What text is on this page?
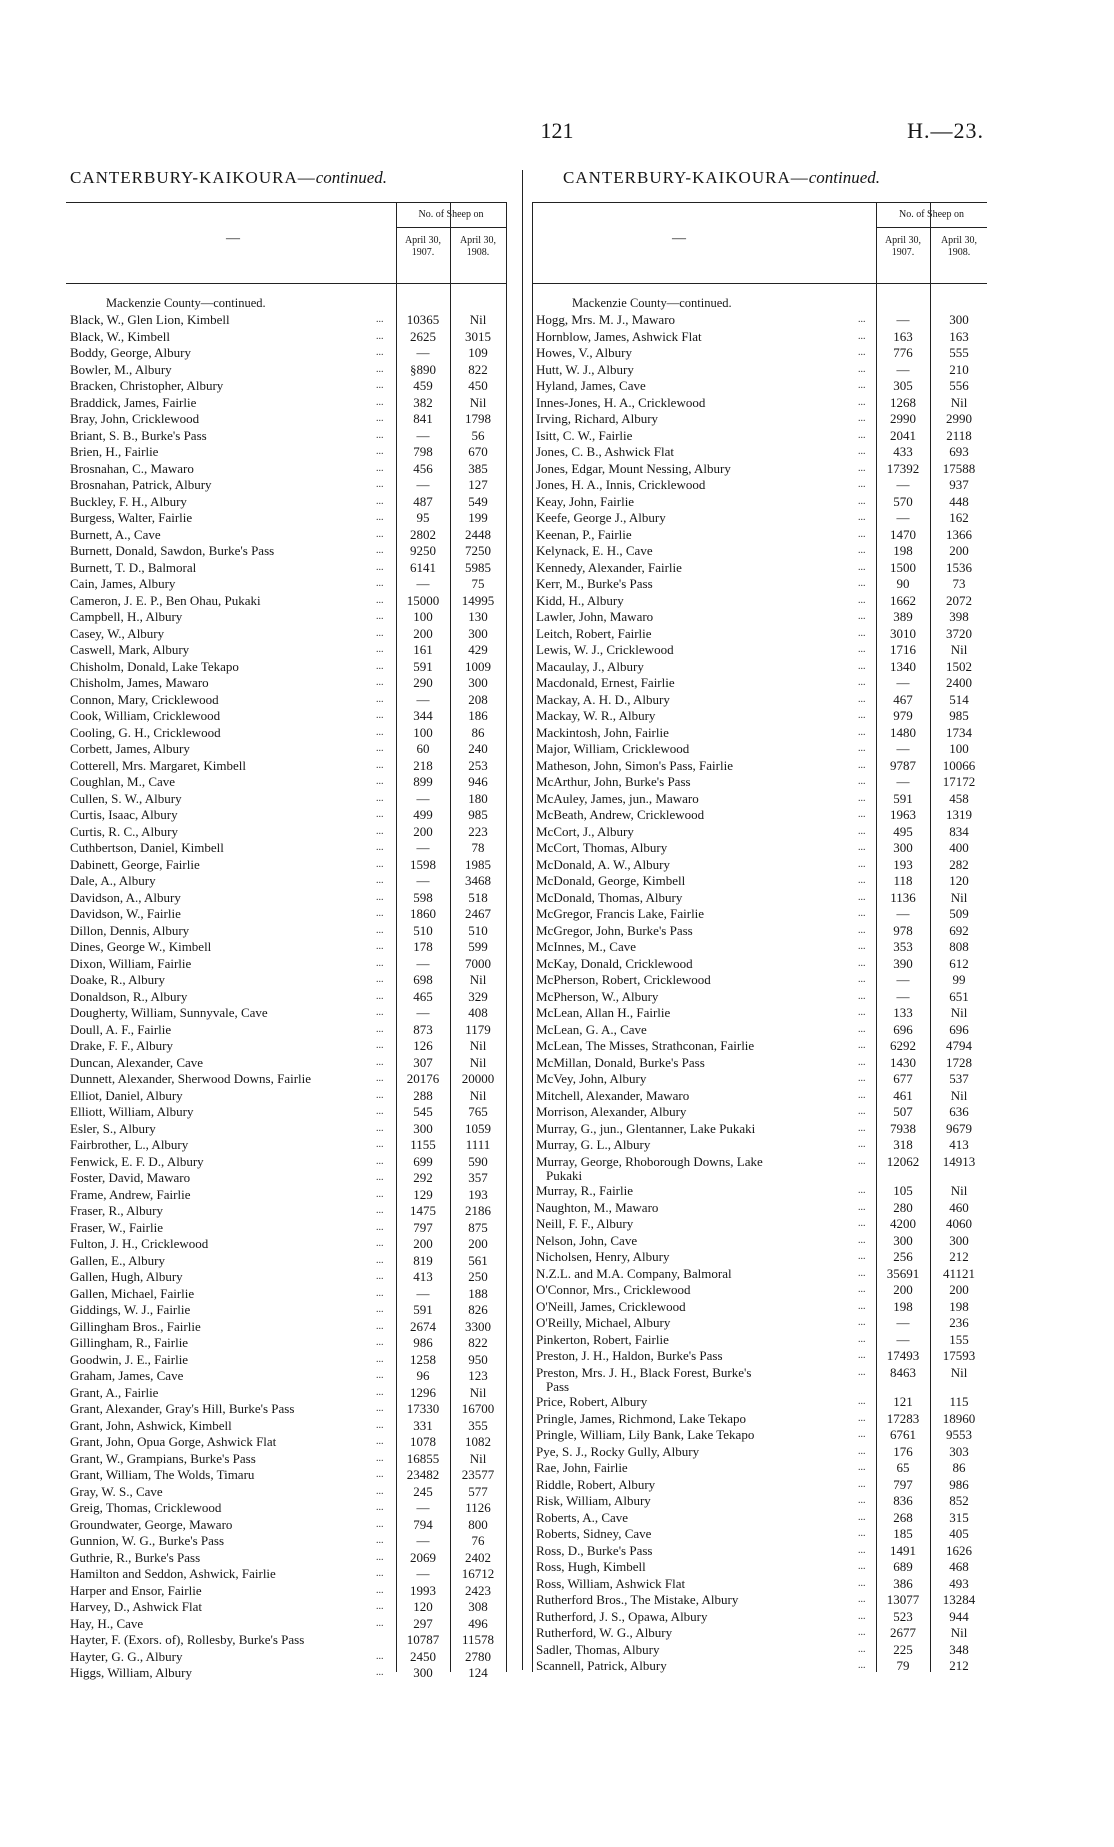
121	H.—23.
CANTERBURY-KAIKOURA—continued.	CANTERBURY-KAIKOURA—continued.
—
No. of Sheep on
April 30, 1907.
April 30, 1908.
Mackenzie County—continued.
Black, W., Glen Lion, Kimbell	...	10365	Nil
Black, W., Kimbell	...	2625	3015
Boddy, George, Albury	...	—	109
Bowler, M., Albury	...	§890	822
Bracken, Christopher, Albury	...	459	450
Braddick, James, Fairlie	...	382	Nil
Bray, John, Cricklewood	...	841	1798
Briant, S. B., Burke's Pass	...	—	56
Brien, H., Fairlie	...	798	670
Brosnahan, C., Mawaro	...	456	385
Brosnahan, Patrick, Albury	...	—	127
Buckley, F. H., Albury	...	487	549
Burgess, Walter, Fairlie	...	95	199
Burnett, A., Cave	...	2802	2448
Burnett, Donald, Sawdon, Burke's Pass	...	9250	7250
Burnett, T. D., Balmoral	...	6141	5985
Cain, James, Albury	...	—	75
Cameron, J. E. P., Ben Ohau, Pukaki	...	15000	14995
Campbell, H., Albury	...	100	130
Casey, W., Albury	...	200	300
Caswell, Mark, Albury	...	161	429
Chisholm, Donald, Lake Tekapo	...	591	1009
Chisholm, James, Mawaro	...	290	300
Connon, Mary, Cricklewood	...	—	208
Cook, William, Cricklewood	...	344	186
Cooling, G. H., Cricklewood	...	100	86
Corbett, James, Albury	...	60	240
Cotterell, Mrs. Margaret, Kimbell	...	218	253
Coughlan, M., Cave	...	899	946
Cullen, S. W., Albury	...	—	180
Curtis, Isaac, Albury	...	499	985
Curtis, R. C., Albury	...	200	223
Cuthbertson, Daniel, Kimbell	...	—	78
Dabinett, George, Fairlie	...	1598	1985
Dale, A., Albury	...	—	3468
Davidson, A., Albury	...	598	518
Davidson, W., Fairlie	...	1860	2467
Dillon, Dennis, Albury	...	510	510
Dines, George W., Kimbell	...	178	599
Dixon, William, Fairlie	...	—	7000
Doake, R., Albury	...	698	Nil
Donaldson, R., Albury	...	465	329
Dougherty, William, Sunnyvale, Cave	...	—	408
Doull, A. F., Fairlie	...	873	1179
Drake, F. F., Albury	...	126	Nil
Duncan, Alexander, Cave	...	307	Nil
Dunnett, Alexander, Sherwood Downs, Fairlie	...	20176	20000
Elliot, Daniel, Albury	...	288	Nil
Elliott, William, Albury	...	545	765
Esler, S., Albury	...	300	1059
Fairbrother, L., Albury	...	1155	1111
Fenwick, E. F. D., Albury	...	699	590
Foster, David, Mawaro	...	292	357
Frame, Andrew, Fairlie	...	129	193
Fraser, R., Albury	...	1475	2186
Fraser, W., Fairlie	...	797	875
Fulton, J. H., Cricklewood	...	200	200
Gallen, E., Albury	...	819	561
Gallen, Hugh, Albury	...	413	250
Gallen, Michael, Fairlie	...	—	188
Giddings, W. J., Fairlie	...	591	826
Gillingham Bros., Fairlie	...	2674	3300
Gillingham, R., Fairlie	...	986	822
Goodwin, J. E., Fairlie	...	1258	950
Graham, James, Cave	...	96	123
Grant, A., Fairlie	...	1296	Nil
Grant, Alexander, Gray's Hill, Burke's Pass	...	17330	16700
Grant, John, Ashwick, Kimbell	...	331	355
Grant, John, Opua Gorge, Ashwick Flat	...	1078	1082
Grant, W., Grampians, Burke's Pass	...	16855	Nil
Grant, William, The Wolds, Timaru	...	23482	23577
Gray, W. S., Cave	...	245	577
Greig, Thomas, Cricklewood	...	—	1126
Groundwater, George, Mawaro	...	794	800
Gunnion, W. G., Burke's Pass	...	—	76
Guthrie, R., Burke's Pass	...	2069	2402
Hamilton and Seddon, Ashwick, Fairlie	...	—	16712
Harper and Ensor, Fairlie	...	1993	2423
Harvey, D., Ashwick Flat	...	120	308
Hay, H., Cave	...	297	496
Hayter, F. (Exors. of), Rollesby, Burke's Pass	10787	11578
Hayter, G. G., Albury	...	2450	2780
Higgs, William, Albury	...	300	124
—
No. of Sheep on
April 30, 1907.
April 30, 1908.
Mackenzie County—continued.
Hogg, Mrs. M. J., Mawaro	...	—	300
Hornblow, James, Ashwick Flat	...	163	163
Howes, V., Albury	...	776	555
Hutt, W. J., Albury	...	—	210
Hyland, James, Cave	...	305	556
Innes-Jones, H. A., Cricklewood	...	1268	Nil
Irving, Richard, Albury	...	2990	2990
Isitt, C. W., Fairlie	...	2041	2118
Jones, C. B., Ashwick Flat	...	433	693
Jones, Edgar, Mount Nessing, Albury	...	17392	17588
Jones, H. A., Innis, Cricklewood	...	—	937
Keay, John, Fairlie	...	570	448
Keefe, George J., Albury	...	—	162
Keenan, P., Fairlie	...	1470	1366
Kelynack, E. H., Cave	...	198	200
Kennedy, Alexander, Fairlie	...	1500	1536
Kerr, M., Burke's Pass	...	90	73
Kidd, H., Albury	...	1662	2072
Lawler, John, Mawaro	...	389	398
Leitch, Robert, Fairlie	...	3010	3720
Lewis, W. J., Cricklewood	...	1716	Nil
Macaulay, J., Albury	...	1340	1502
Macdonald, Ernest, Fairlie	...	—	2400
Mackay, A. H. D., Albury	...	467	514
Mackay, W. R., Albury	...	979	985
Mackintosh, John, Fairlie	...	1480	1734
Major, William, Cricklewood	...	—	100
Matheson, John, Simon's Pass, Fairlie	...	9787	10066
McArthur, John, Burke's Pass	...	—	17172
McAuley, James, jun., Mawaro	...	591	458
McBeath, Andrew, Cricklewood	...	1963	1319
McCort, J., Albury	...	495	834
McCort, Thomas, Albury	...	300	400
McDonald, A. W., Albury	...	193	282
McDonald, George, Kimbell	...	118	120
McDonald, Thomas, Albury	...	1136	Nil
McGregor, Francis Lake, Fairlie	...	—	509
McGregor, John, Burke's Pass	...	978	692
McInnes, M., Cave	...	353	808
McKay, Donald, Cricklewood	...	390	612
McPherson, Robert, Cricklewood	...	—	99
McPherson, W., Albury	...	—	651
McLean, Allan H., Fairlie	...	133	Nil
McLean, G. A., Cave	...	696	696
McLean, The Misses, Strathconan, Fairlie	...	6292	4794
McMillan, Donald, Burke's Pass	...	1430	1728
McVey, John, Albury	...	677	537
Mitchell, Alexander, Mawaro	...	461	Nil
Morrison, Alexander, Albury	...	507	636
Murray, G., jun., Glentanner, Lake Pukaki	...	7938	9679
Murray, G. L., Albury	...	318	413
Murray, George, Rhoborough Downs, Lake	...	12062	14913
Pukaki
Murray, R., Fairlie	...	105	Nil
Naughton, M., Mawaro	...	280	460
Neill, F. F., Albury	...	4200	4060
Nelson, John, Cave	...	300	300
Nicholsen, Henry, Albury	...	256	212
N.Z.L. and M.A. Company, Balmoral	...	35691	41121
O'Connor, Mrs., Cricklewood	...	200	200
O'Neill, James, Cricklewood	...	198	198
O'Reilly, Michael, Albury	...	—	236
Pinkerton, Robert, Fairlie	...	—	155
Preston, J. H., Haldon, Burke's Pass	...	17493	17593
Preston, Mrs. J. H., Black Forest, Burke's	...	8463	Nil
Pass
Price, Robert, Albury	...	121	115
Pringle, James, Richmond, Lake Tekapo	...	17283	18960
Pringle, William, Lily Bank, Lake Tekapo	...	6761	9553
Pye, S. J., Rocky Gully, Albury	...	176	303
Rae, John, Fairlie	...	65	86
Riddle, Robert, Albury	...	797	986
Risk, William, Albury	...	836	852
Roberts, A., Cave	...	268	315
Roberts, Sidney, Cave	...	185	405
Ross, D., Burke's Pass	...	1491	1626
Ross, Hugh, Kimbell	...	689	468
Ross, William, Ashwick Flat	...	386	493
Rutherford Bros., The Mistake, Albury	...	13077	13284
Rutherford, J. S., Opawa, Albury	...	523	944
Rutherford, W. G., Albury	...	2677	Nil
Sadler, Thomas, Albury	...	225	348
Scannell, Patrick, Albury	...	79	212
